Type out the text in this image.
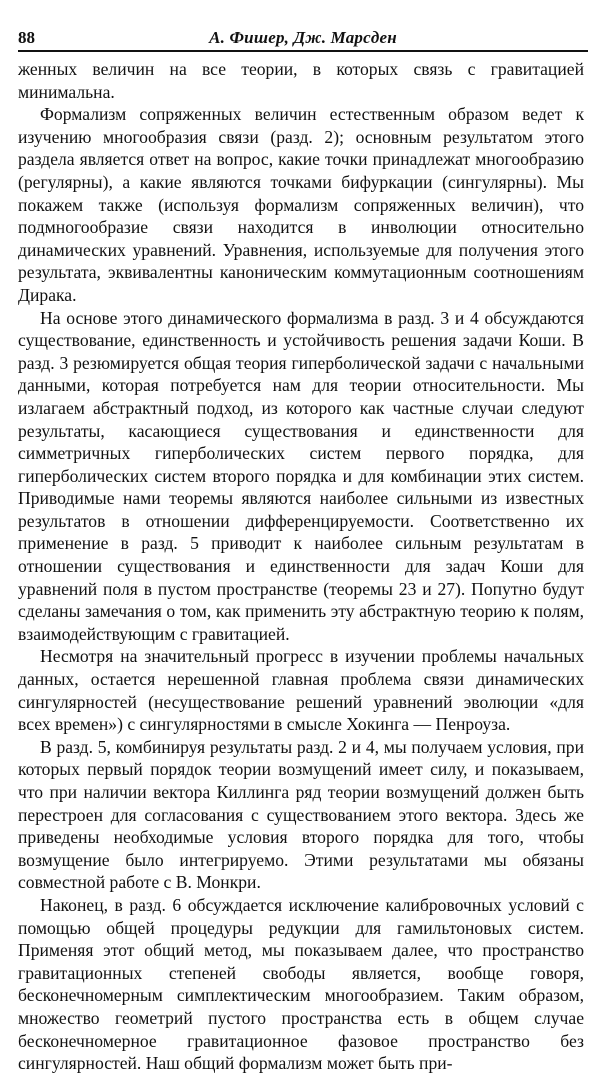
88	А. Фишер, Дж. Марсден

женных величин на все теории, в которых связь с гравитацией минимальна.

Формализм сопряженных величин естественным образом ведет к изучению многообразия связи (разд. 2); основным результатом этого раздела является ответ на вопрос, какие точки принадлежат многообразию (регулярны), а какие являются точками бифуркации (сингулярны). Мы покажем также (используя формализм сопряженных величин), что подмногообразие связи находится в инволюции относительно динамических уравнений. Уравнения, используемые для получения этого результата, эквивалентны каноническим коммутационным соотношениям Дирака.

На основе этого динамического формализма в разд. 3 и 4 обсуждаются существование, единственность и устойчивость решения задачи Коши. В разд. 3 резюмируется общая теория гиперболической задачи с начальными данными, которая потребуется нам для теории относительности. Мы излагаем абстрактный подход, из которого как частные случаи следуют результаты, касающиеся существования и единственности для симметричных гиперболических систем первого порядка, для гиперболических систем второго порядка и для комбинации этих систем. Приводимые нами теоремы являются наиболее сильными из известных результатов в отношении дифференцируемости. Соответственно их применение в разд. 5 приводит к наиболее сильным результатам в отношении существования и единственности для задач Коши для уравнений поля в пустом пространстве (теоремы 23 и 27). Попутно будут сделаны замечания о том, как применить эту абстрактную теорию к полям, взаимодействующим с гравитацией.

Несмотря на значительный прогресс в изучении проблемы начальных данных, остается нерешенной главная проблема связи динамических сингулярностей (несуществование решений уравнений эволюции «для всех времен») с сингулярностями в смысле Хокинга — Пенроуза.

В разд. 5, комбинируя результаты разд. 2 и 4, мы получаем условия, при которых первый порядок теории возмущений имеет силу, и показываем, что при наличии вектора Киллинга ряд теории возмущений должен быть перестроен для согласования с существованием этого вектора. Здесь же приведены необходимые условия второго порядка для того, чтобы возмущение было интегрируемо. Этими результатами мы обязаны совместной работе с В. Монкри.

Наконец, в разд. 6 обсуждается исключение калибровочных условий с помощью общей процедуры редукции для гамильтоновых систем. Применяя этот общий метод, мы показываем далее, что пространство гравитационных степеней свободы является, вообще говоря, бесконечномерным симплектическим многообразием. Таким образом, множество геометрий пустого пространства есть в общем случае бесконечномерное гравитационное фазовое пространство без сингулярностей. Наш общий формализм может быть при-
